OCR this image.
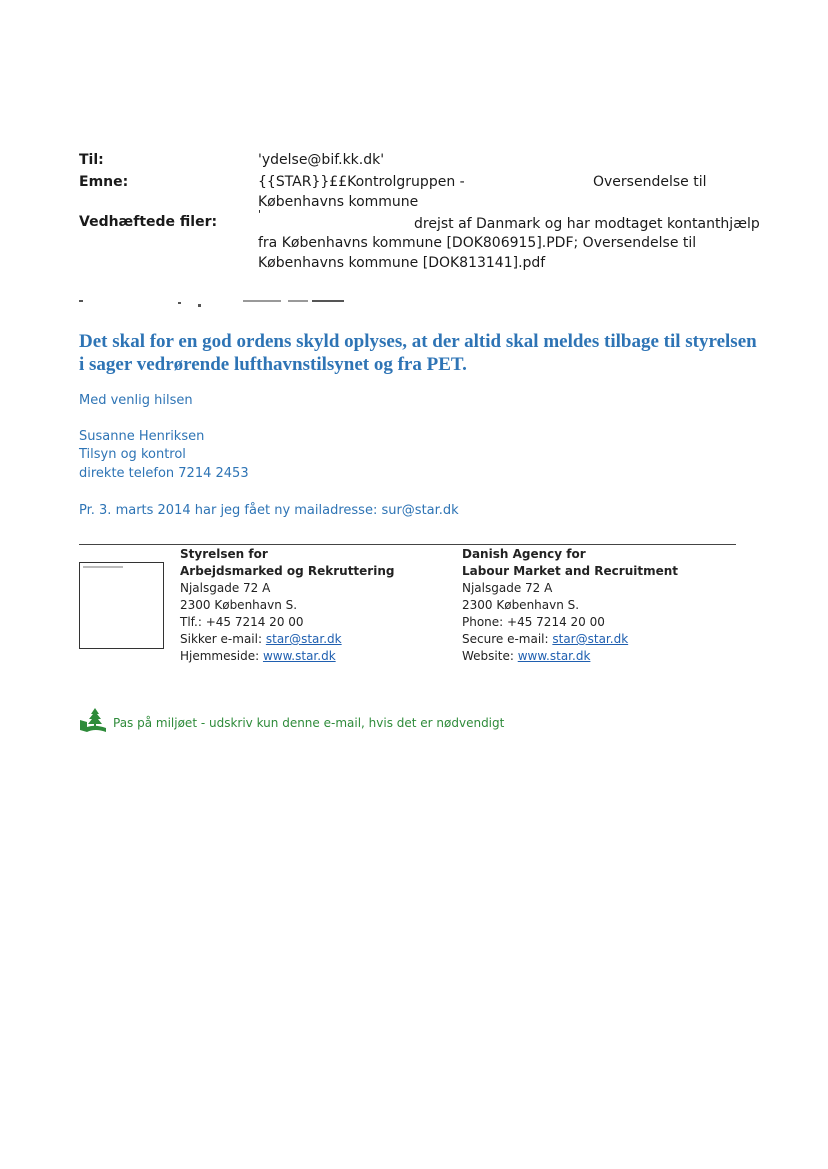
Til:	'ydelse@bif.kk.dk'
Emne:	{{STAR}}££Kontrolgruppen -	Oversendelse til
Københavns kommune
Vedhæftede filer:	'
drejst af Danmark og har modtaget kontanthjælp
fra Københavns kommune [DOK806915].PDF; Oversendelse til
Københavns kommune [DOK813141].pdf
Det skal for en god ordens skyld oplyses, at der altid skal meldes tilbage til styrelsen i sager vedrørende lufthavnstilsynet og fra PET.
Med venlig hilsen
Susanne Henriksen
Tilsyn og kontrol
direkte telefon 7214 2453
Pr. 3. marts 2014 har jeg fået ny mailadresse: sur@star.dk
Styrelsen for
Arbejdsmarked og Rekruttering
Njalsgade 72 A
2300 København S.
Tlf.: +45 7214 20 00
Sikker e-mail: star@star.dk
Hjemmeside: www.star.dk
Danish Agency for
Labour Market and Recruitment
Njalsgade 72 A
2300 København S.
Phone: +45 7214 20 00
Secure e-mail: star@star.dk
Website: www.star.dk
Pas på miljøet - udskriv kun denne e-mail, hvis det er nødvendigt
